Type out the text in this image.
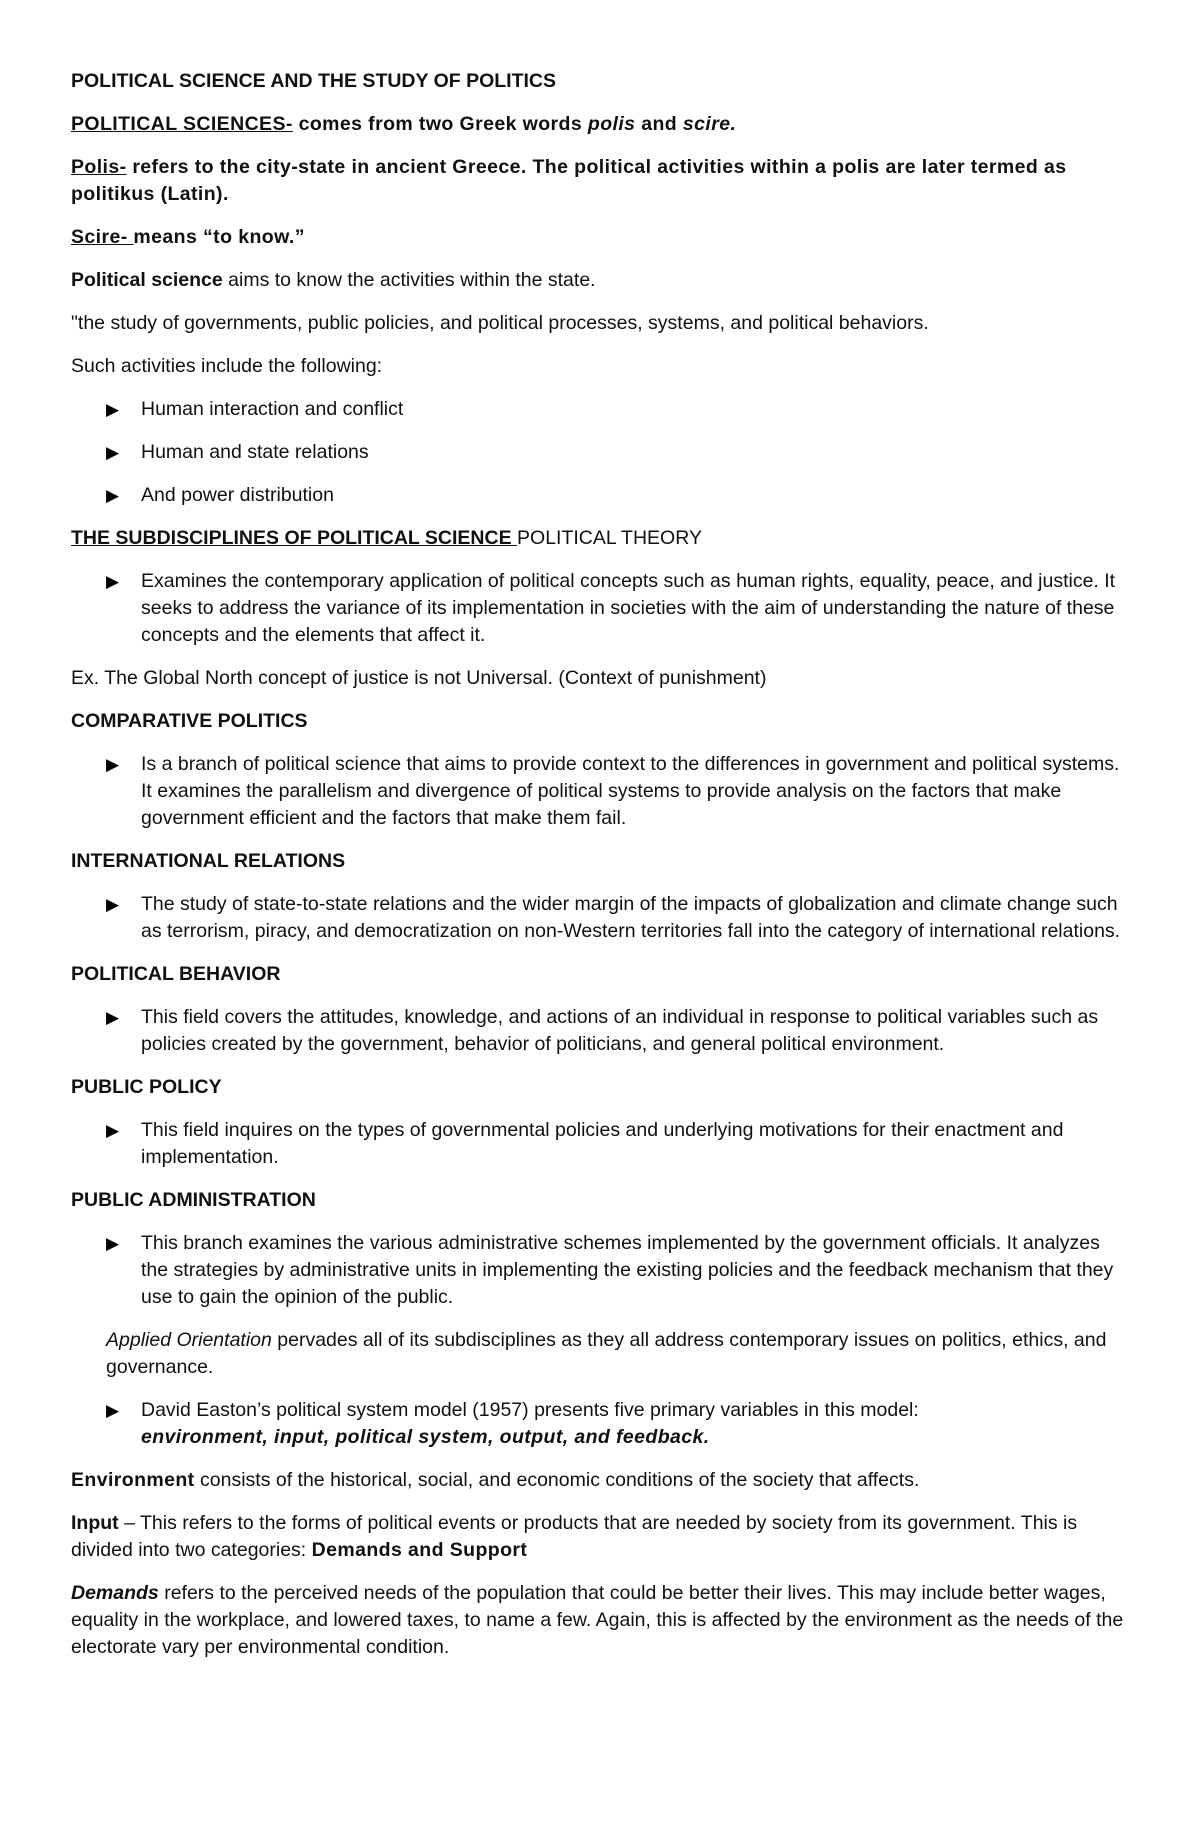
POLITICAL SCIENCE AND THE STUDY OF POLITICS

POLITICAL SCIENCES- comes from two Greek words polis and scire.

Polis- refers to the city-state in ancient Greece. The political activities within a polis are later termed as politikus (Latin).

Scire- means “to know.”

Political science aims to know the activities within the state.

"the study of governments, public policies, and political processes, systems, and political behaviors.

Such activities include the following:

▶	Human interaction and conflict
▶	Human and state relations
▶	And power distribution

THE SUBDISCIPLINES OF POLITICAL SCIENCE POLITICAL THEORY

▶	Examines the contemporary application of political concepts such as human rights, equality, peace, and justice. It seeks to address the variance of its implementation in societies with the aim of understanding the nature of these concepts and the elements that affect it.

Ex. The Global North concept of justice is not Universal. (Context of punishment)

COMPARATIVE POLITICS

▶	Is a branch of political science that aims to provide context to the differences in government and political systems. It examines the parallelism and divergence of political systems to provide analysis on the factors that make government efficient and the factors that make them fail.

INTERNATIONAL RELATIONS

▶	The study of state-to-state relations and the wider margin of the impacts of globalization and climate change such as terrorism, piracy, and democratization on non-Western territories fall into the category of international relations.

POLITICAL BEHAVIOR

▶	This field covers the attitudes, knowledge, and actions of an individual in response to political variables such as policies created by the government, behavior of politicians, and general political environment.

PUBLIC POLICY

▶	This field inquires on the types of governmental policies and underlying motivations for their enactment and implementation.

PUBLIC ADMINISTRATION

▶	This branch examines the various administrative schemes implemented by the government officials. It analyzes the strategies by administrative units in implementing the existing policies and the feedback mechanism that they use to gain the opinion of the public.

Applied Orientation pervades all of its subdisciplines as they all address contemporary issues on politics, ethics, and governance.

▶	David Easton’s political system model (1957) presents five primary variables in this model:
environment, input, political system, output, and feedback.

Environment consists of the historical, social, and economic conditions of the society that affects.

Input – This refers to the forms of political events or products that are needed by society from its government. This is divided into two categories: Demands and Support

Demands refers to the perceived needs of the population that could be better their lives. This may include better wages, equality in the workplace, and lowered taxes, to name a few. Again, this is affected by the environment as the needs of the electorate vary per environmental condition.
